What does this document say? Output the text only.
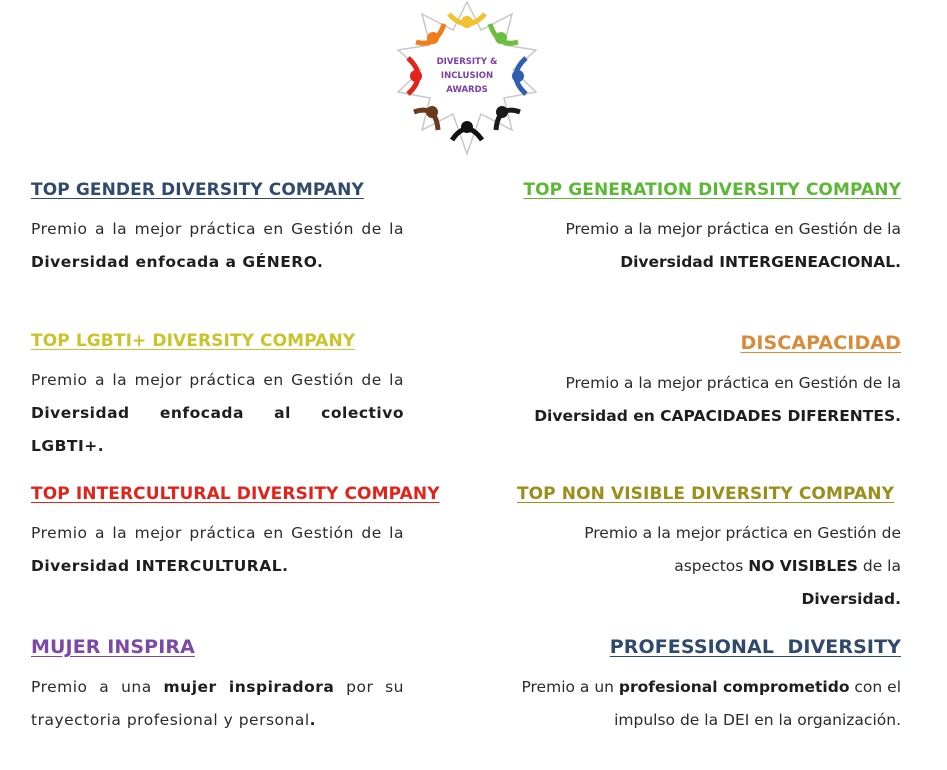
DIVERSITY &
INCLUSION
AWARDS
TOP GENDER DIVERSITY COMPANY
Premio a la mejor práctica en Gestión de la Diversidad enfocada a GÉNERO.
TOP GENERATION DIVERSITY COMPANY
Premio a la mejor práctica en Gestión de la Diversidad INTERGENEACIONAL.
TOP LGBTI+ DIVERSITY COMPANY
Premio a la mejor práctica en Gestión de la Diversidad enfocada al colectivo LGBTI+.
DISCAPACIDAD
Premio a la mejor práctica en Gestión de la Diversidad en CAPACIDADES DIFERENTES.
TOP INTERCULTURAL DIVERSITY COMPANY
Premio a la mejor práctica en Gestión de la Diversidad INTERCULTURAL.
TOP NON VISIBLE DIVERSITY COMPANY
Premio a la mejor práctica en Gestión de aspectos NO VISIBLES de la Diversidad.
MUJER INSPIRA
Premio a una mujer inspiradora por su trayectoria profesional y personal.
PROFESSIONAL  DIVERSITY
Premio a un profesional comprometido con el impulso de la DEI en la organización.
